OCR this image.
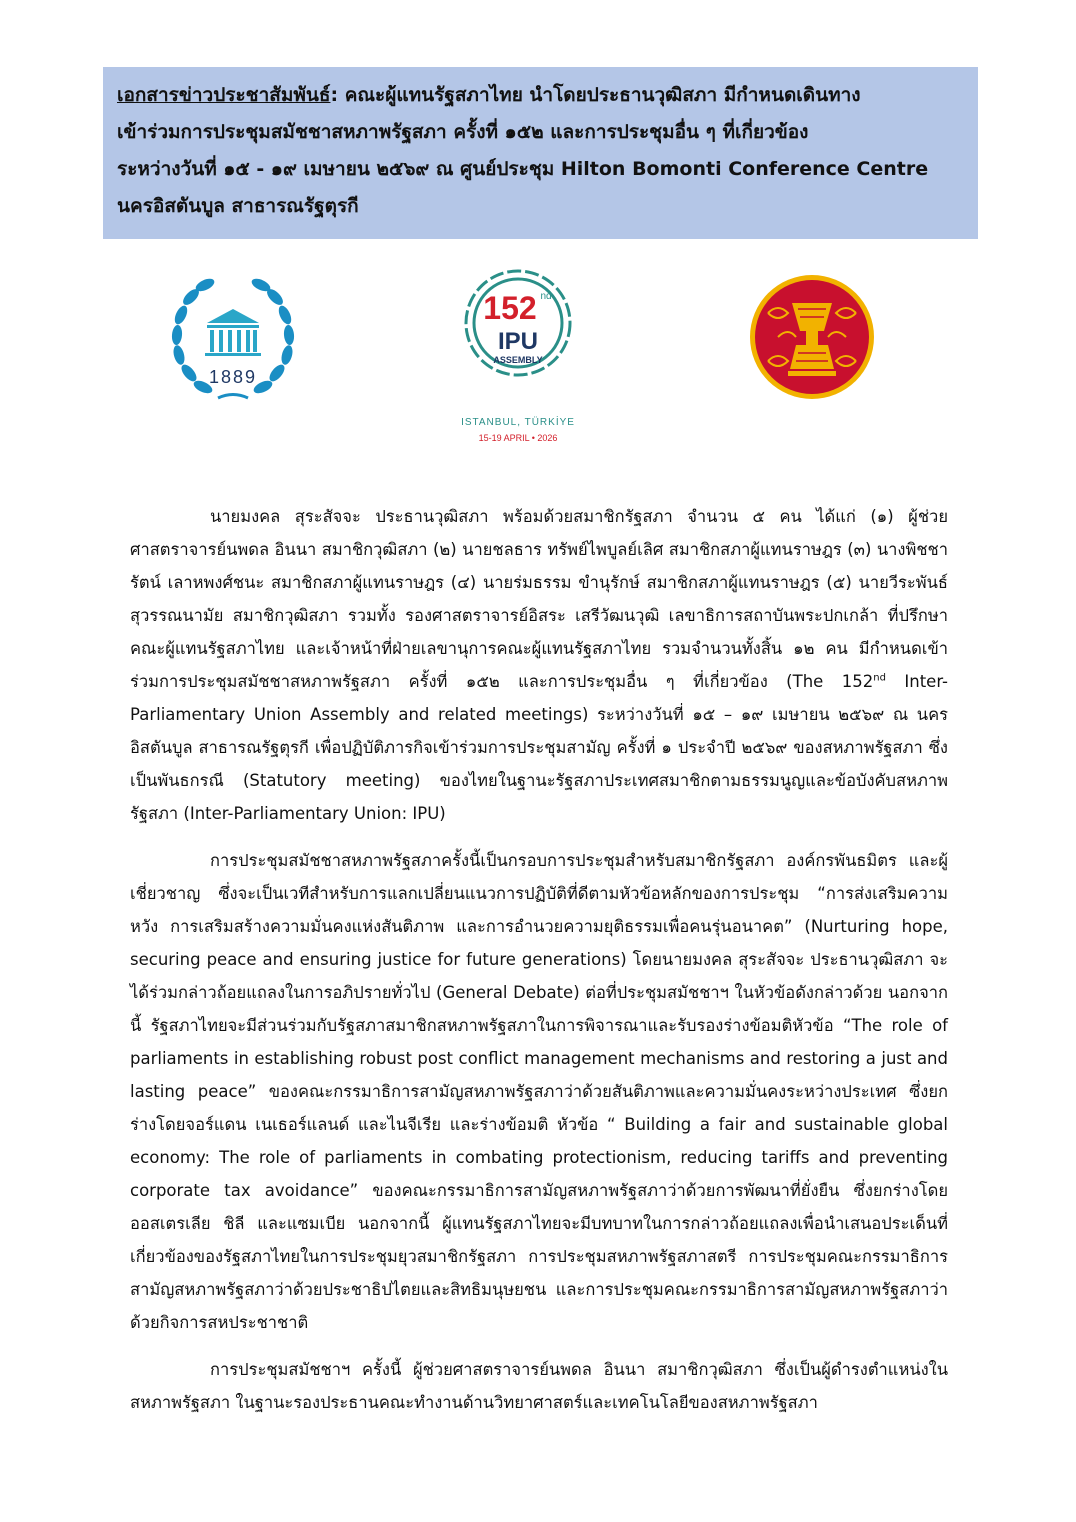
เอกสารข่าวประชาสัมพันธ์: คณะผู้แทนรัฐสภาไทย นำโดยประธานวุฒิสภา มีกำหนดเดินทาง

เข้าร่วมการประชุมสมัชชาสหภาพรัฐสภา ครั้งที่ ๑๕๒ และการประชุมอื่น ๆ ที่เกี่ยวข้อง

ระหว่างวันที่ ๑๕ - ๑๙ เมษายน ๒๕๖๙ ณ ศูนย์ประชุม Hilton Bomonti Conference Centre

นครอิสตันบูล สาธารณรัฐตุรกี

1889
152 nd
IPU
ASSEMBLY
ISTANBUL, TÜRKİYE
15-19 APRIL • 2026

นายมงคล สุระสัจจะ ประธานวุฒิสภา พร้อมด้วยสมาชิกรัฐสภา จำนวน ๕ คน ได้แก่ (๑) ผู้ช่วยศาสตราจารย์นพดล อินนา สมาชิกวุฒิสภา (๒) นายชลธาร ทรัพย์ไพบูลย์เลิศ สมาชิกสภาผู้แทนราษฎร (๓) นางพิชชารัตน์ เลาหพงศ์ชนะ สมาชิกสภาผู้แทนราษฎร (๔) นายร่มธรรม ขำนุรักษ์ สมาชิกสภาผู้แทนราษฎร (๕) นายวีระพันธ์ สุวรรณนามัย สมาชิกวุฒิสภา รวมทั้ง รองศาสตราจารย์อิสระ เสรีวัฒนวุฒิ เลขาธิการสถาบันพระปกเกล้า ที่ปรึกษาคณะผู้แทนรัฐสภาไทย และเจ้าหน้าที่ฝ่ายเลขานุการคณะผู้แทนรัฐสภาไทย รวมจำนวนทั้งสิ้น ๑๒ คน มีกำหนดเข้าร่วมการประชุมสมัชชาสหภาพรัฐสภา ครั้งที่ ๑๕๒ และการประชุมอื่น ๆ ที่เกี่ยวข้อง (The 152nd Inter-Parliamentary Union Assembly and related meetings) ระหว่างวันที่ ๑๕ – ๑๙ เมษายน ๒๕๖๙ ณ นครอิสตันบูล สาธารณรัฐตุรกี เพื่อปฏิบัติภารกิจเข้าร่วมการประชุมสามัญ ครั้งที่ ๑ ประจำปี ๒๕๖๙ ของสหภาพรัฐสภา ซึ่งเป็นพันธกรณี (Statutory meeting) ของไทยในฐานะรัฐสภาประเทศสมาชิกตามธรรมนูญและข้อบังคับสหภาพรัฐสภา (Inter-Parliamentary Union: IPU)

การประชุมสมัชชาสหภาพรัฐสภาครั้งนี้เป็นกรอบการประชุมสำหรับสมาชิกรัฐสภา องค์กรพันธมิตร และผู้เชี่ยวชาญ ซึ่งจะเป็นเวทีสำหรับการแลกเปลี่ยนแนวการปฏิบัติที่ดีตามหัวข้อหลักของการประชุม “การส่งเสริมความหวัง การเสริมสร้างความมั่นคงแห่งสันติภาพ และการอำนวยความยุติธรรมเพื่อคนรุ่นอนาคต” (Nurturing hope, securing peace and ensuring justice for future generations) โดยนายมงคล สุระสัจจะ ประธานวุฒิสภา จะได้ร่วมกล่าวถ้อยแถลงในการอภิปรายทั่วไป (General Debate) ต่อที่ประชุมสมัชชาฯ ในหัวข้อดังกล่าวด้วย นอกจากนี้ รัฐสภาไทยจะมีส่วนร่วมกับรัฐสภาสมาชิกสหภาพรัฐสภาในการพิจารณาและรับรองร่างข้อมติหัวข้อ “The role of parliaments in establishing robust post conflict management mechanisms and restoring a just and lasting peace” ของคณะกรรมาธิการสามัญสหภาพรัฐสภาว่าด้วยสันติภาพและความมั่นคงระหว่างประเทศ ซึ่งยกร่างโดยจอร์แดน เนเธอร์แลนด์ และไนจีเรีย และร่างข้อมติ หัวข้อ “ Building a fair and sustainable global economy: The role of parliaments in combating protectionism, reducing tariffs and preventing corporate tax avoidance” ของคณะกรรมาธิการสามัญสหภาพรัฐสภาว่าด้วยการพัฒนาที่ยั่งยืน ซึ่งยกร่างโดยออสเตรเลีย ชิลี และแซมเบีย นอกจากนี้ ผู้แทนรัฐสภาไทยจะมีบทบาทในการกล่าวถ้อยแถลงเพื่อนำเสนอประเด็นที่เกี่ยวข้องของรัฐสภาไทยในการประชุมยุวสมาชิกรัฐสภา การประชุมสหภาพรัฐสภาสตรี การประชุมคณะกรรมาธิการสามัญสหภาพรัฐสภาว่าด้วยประชาธิปไตยและสิทธิมนุษยชน และการประชุมคณะกรรมาธิการสามัญสหภาพรัฐสภาว่าด้วยกิจการสหประชาชาติ

การประชุมสมัชชาฯ ครั้งนี้ ผู้ช่วยศาสตราจารย์นพดล อินนา สมาชิกวุฒิสภา ซึ่งเป็นผู้ดำรงตำแหน่งในสหภาพรัฐสภา ในฐานะรองประธานคณะทำงานด้านวิทยาศาสตร์และเทคโนโลยีของสหภาพรัฐสภา
